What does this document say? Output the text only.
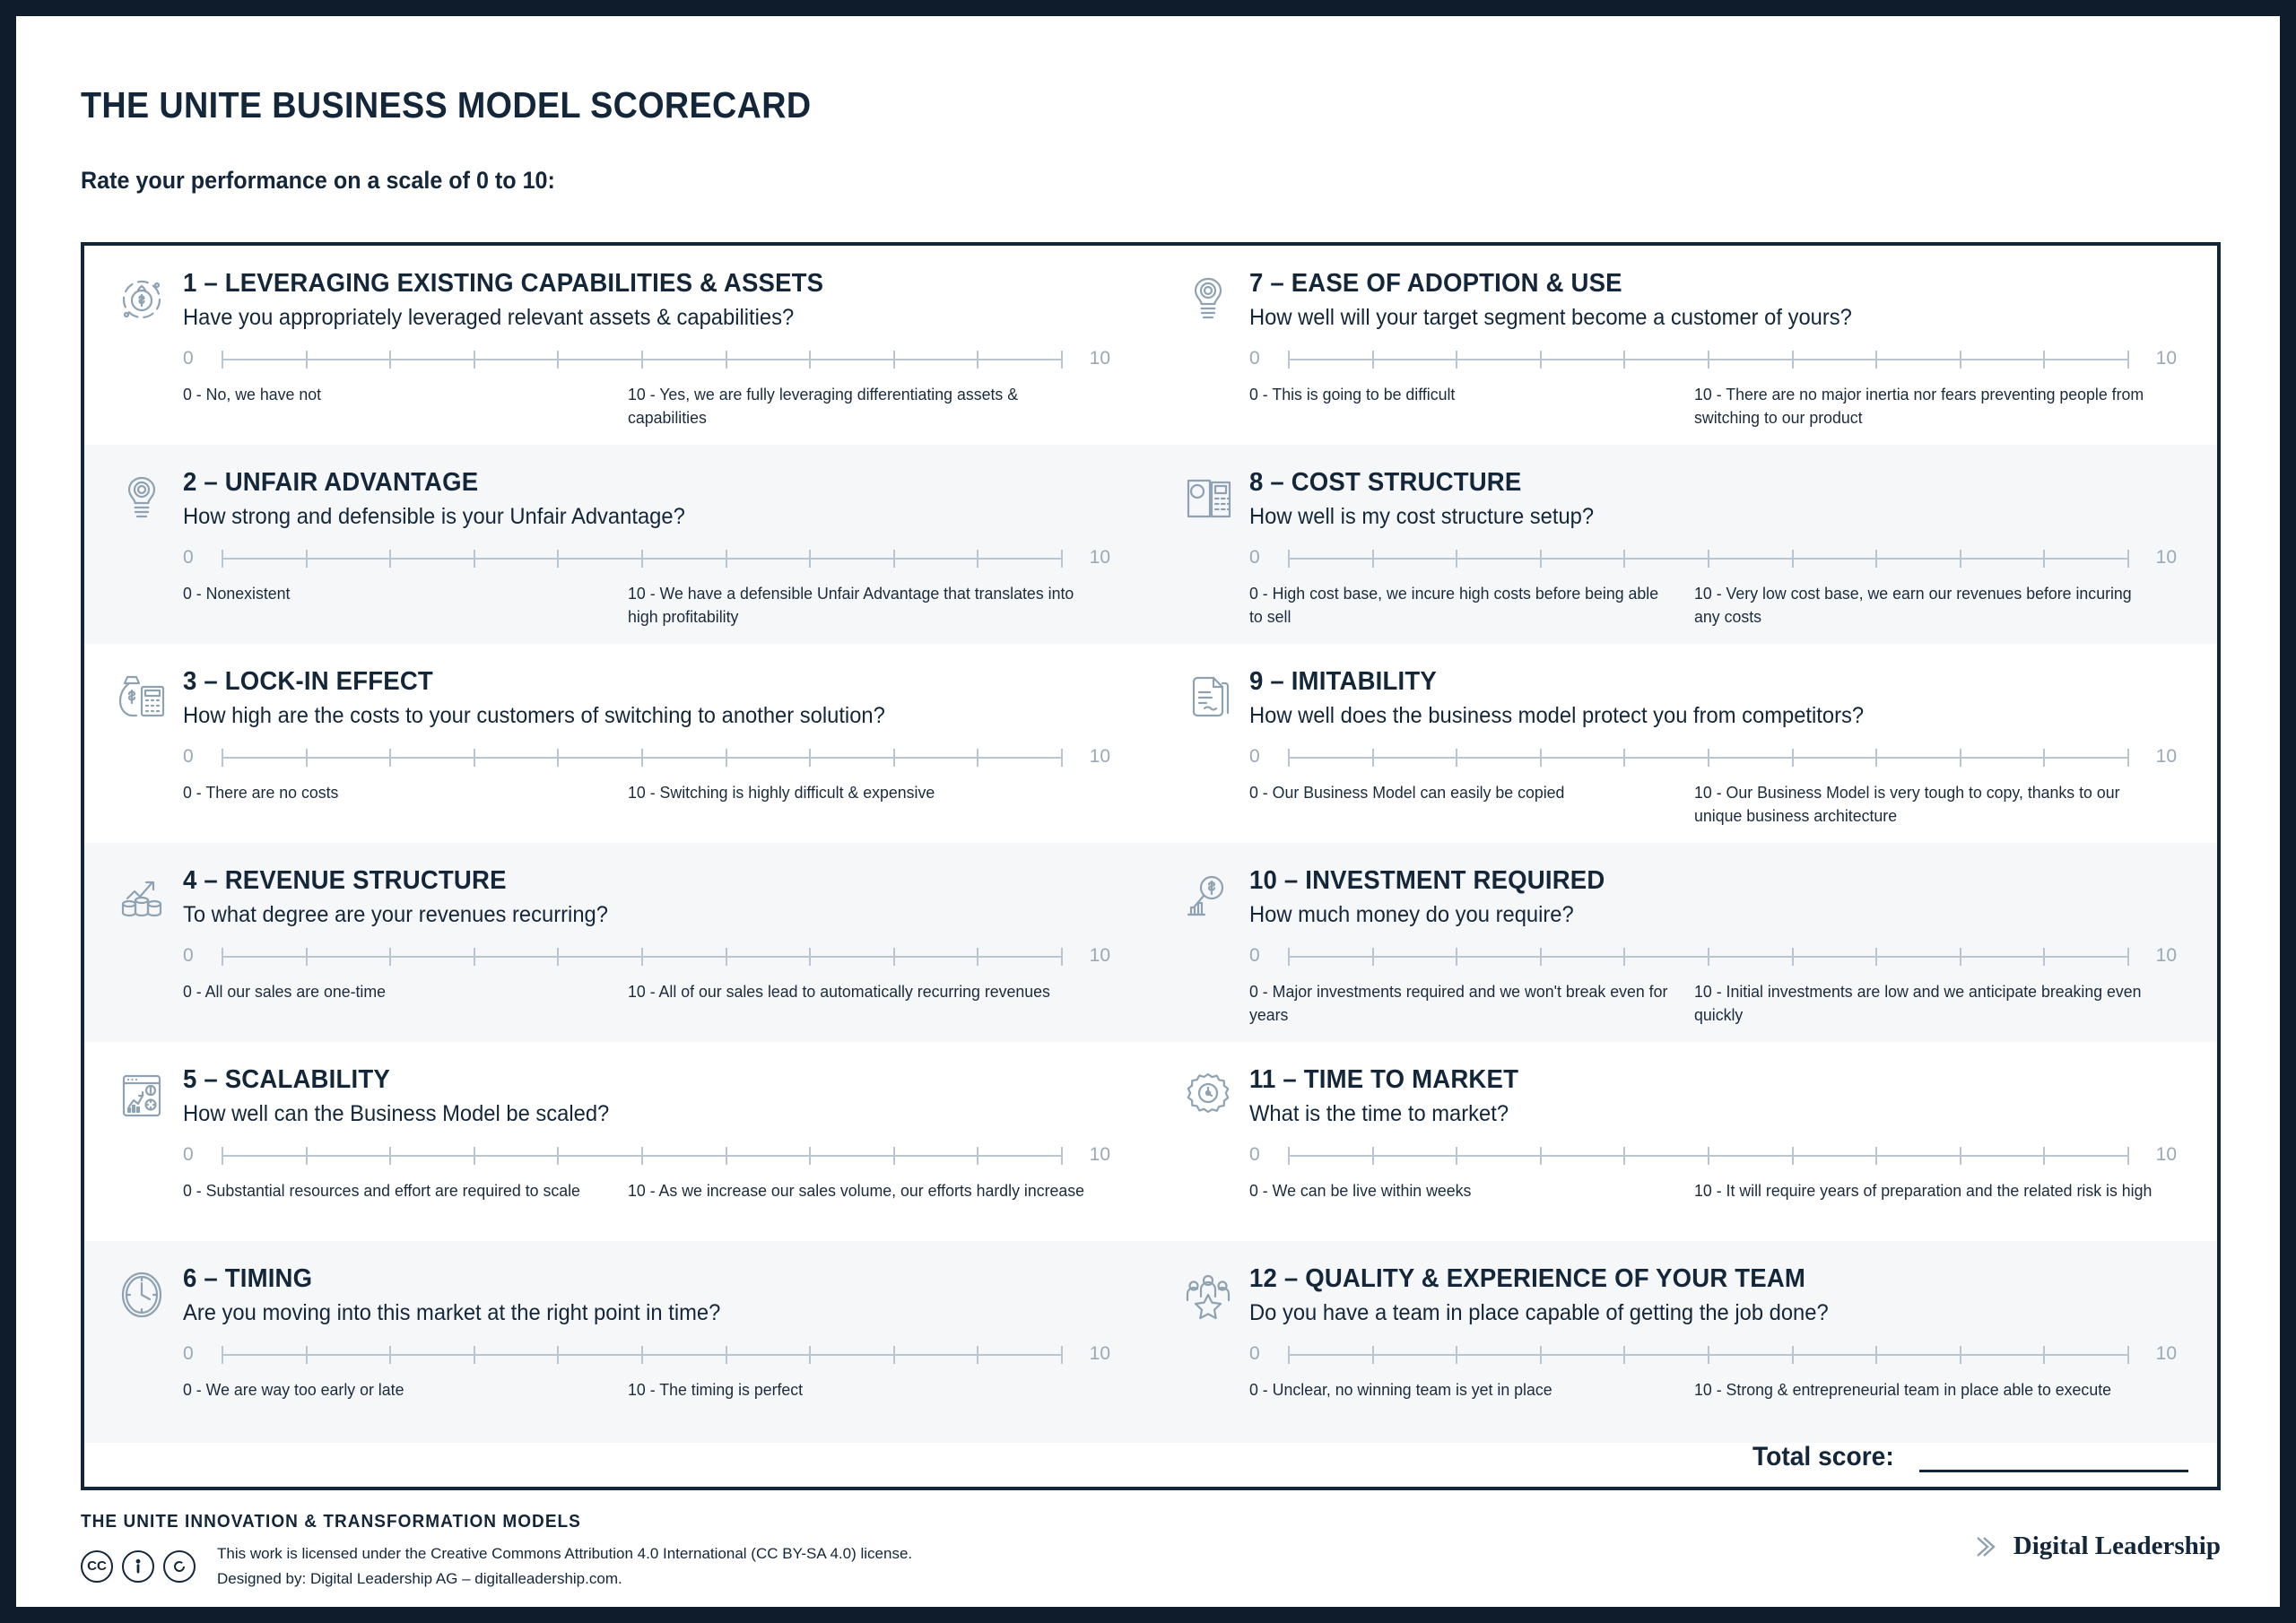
THE UNITE BUSINESS MODEL SCORECARD
Rate your performance on a scale of 0 to 10:
1 – LEVERAGING EXISTING CAPABILITIES & ASSETS
Have you appropriately leveraged relevant assets & capabilities?
0	10
0 - No, we have not	10 - Yes, we are fully leveraging differentiating assets & capabilities
7 – EASE OF ADOPTION & USE
How well will your target segment become a customer of yours?
0	10
0 - This is going to be difficult	10 - There are no major inertia nor fears preventing people from switching to our product
2 – UNFAIR ADVANTAGE
How strong and defensible is your Unfair Advantage?
0	10
0 - Nonexistent	10 - We have a defensible Unfair Advantage that translates into high profitability
8 – COST STRUCTURE
How well is my cost structure setup?
0	10
0 - High cost base, we incure high costs before being able to sell
10 - Very low cost base, we earn our revenues before incuring any costs
3 – LOCK-IN EFFECT
How high are the costs to your customers of switching to another solution?
0	10
0 - There are no costs	10 - Switching is highly difficult & expensive
9 – IMITABILITY
How well does the business model protect you from competitors?
0	10
0 - Our Business Model can easily be copied	10 - Our Business Model is very tough to copy, thanks to our unique business architecture
4 – REVENUE STRUCTURE
To what degree are your revenues recurring?
0	10
0 - All our sales are one-time	10 - All of our sales lead to automatically recurring revenues
10 – INVESTMENT REQUIRED
How much money do you require?
0	10
0 - Major investments required and we won't break even for years
10 - Initial investments are low and we anticipate breaking even quickly
5 – SCALABILITY
How well can the Business Model be scaled?
0	10
0 - Substantial resources and effort are required to scale	10 - As we increase our sales volume, our efforts hardly increase
11 – TIME TO MARKET
What is the time to market?
0	10
0 - We can be live within weeks	10 - It will require years of preparation and the related risk is high
6 – TIMING
Are you moving into this market at the right point in time?
0	10
0 - We are way too early or late	10 - The timing is perfect
12 – QUALITY & EXPERIENCE OF YOUR TEAM
Do you have a team in place capable of getting the job done?
0	10
0 - Unclear, no winning team is yet in place	10 - Strong & entrepreneurial team in place able to execute
Total score:
THE UNITE INNOVATION & TRANSFORMATION MODELS
CC
This work is licensed under the Creative Commons Attribution 4.0 International (CC BY-SA 4.0) license.
Designed by: Digital Leadership AG – digitalleadership.com.
Digital Leadership
